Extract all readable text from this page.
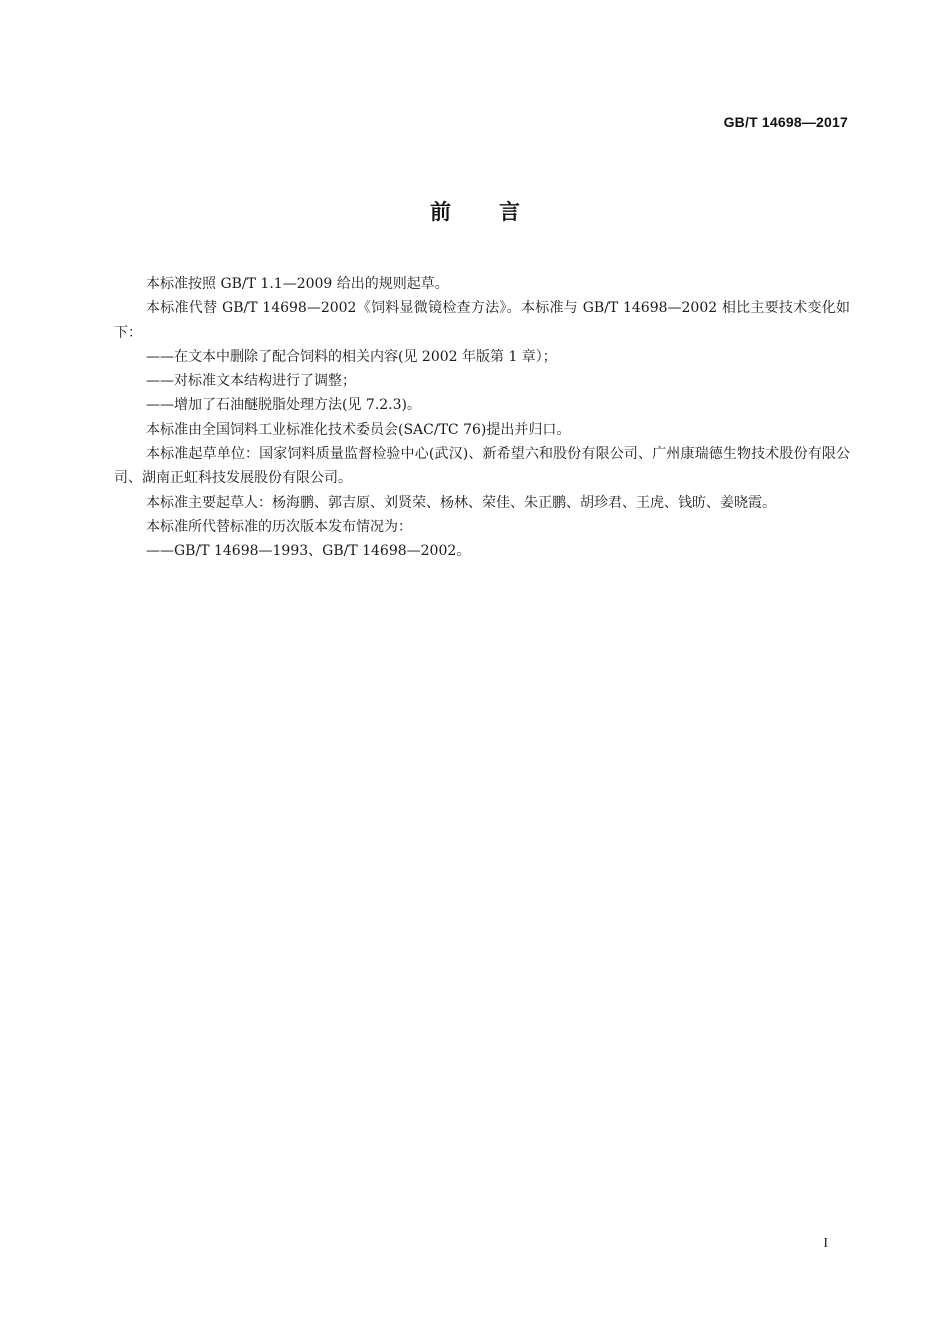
GB/T 14698—2017
前 言

本标准按照 GB/T 1.1—2009 给出的规则起草。

本标准代替 GB/T 14698—2002《饲料显微镜检查方法》。本标准与 GB/T 14698—2002 相比主要技术变化如下：

——在文本中删除了配合饲料的相关内容(见 2002 年版第 1 章）；

——对标准文本结构进行了调整；

——增加了石油醚脱脂处理方法(见 7.2.3)。

本标准由全国饲料工业标准化技术委员会(SAC/TC 76)提出并归口。

本标准起草单位：国家饲料质量监督检验中心(武汉)、新希望六和股份有限公司、广州康瑞德生物技术股份有限公司、湖南正虹科技发展股份有限公司。

本标准主要起草人：杨海鹏、郭吉原、刘贤荣、杨林、荣佳、朱正鹏、胡珍君、王虎、钱昉、姜晓霞。

本标准所代替标准的历次版本发布情况为：

——GB/T 14698—1993、GB/T 14698—2002。

I
